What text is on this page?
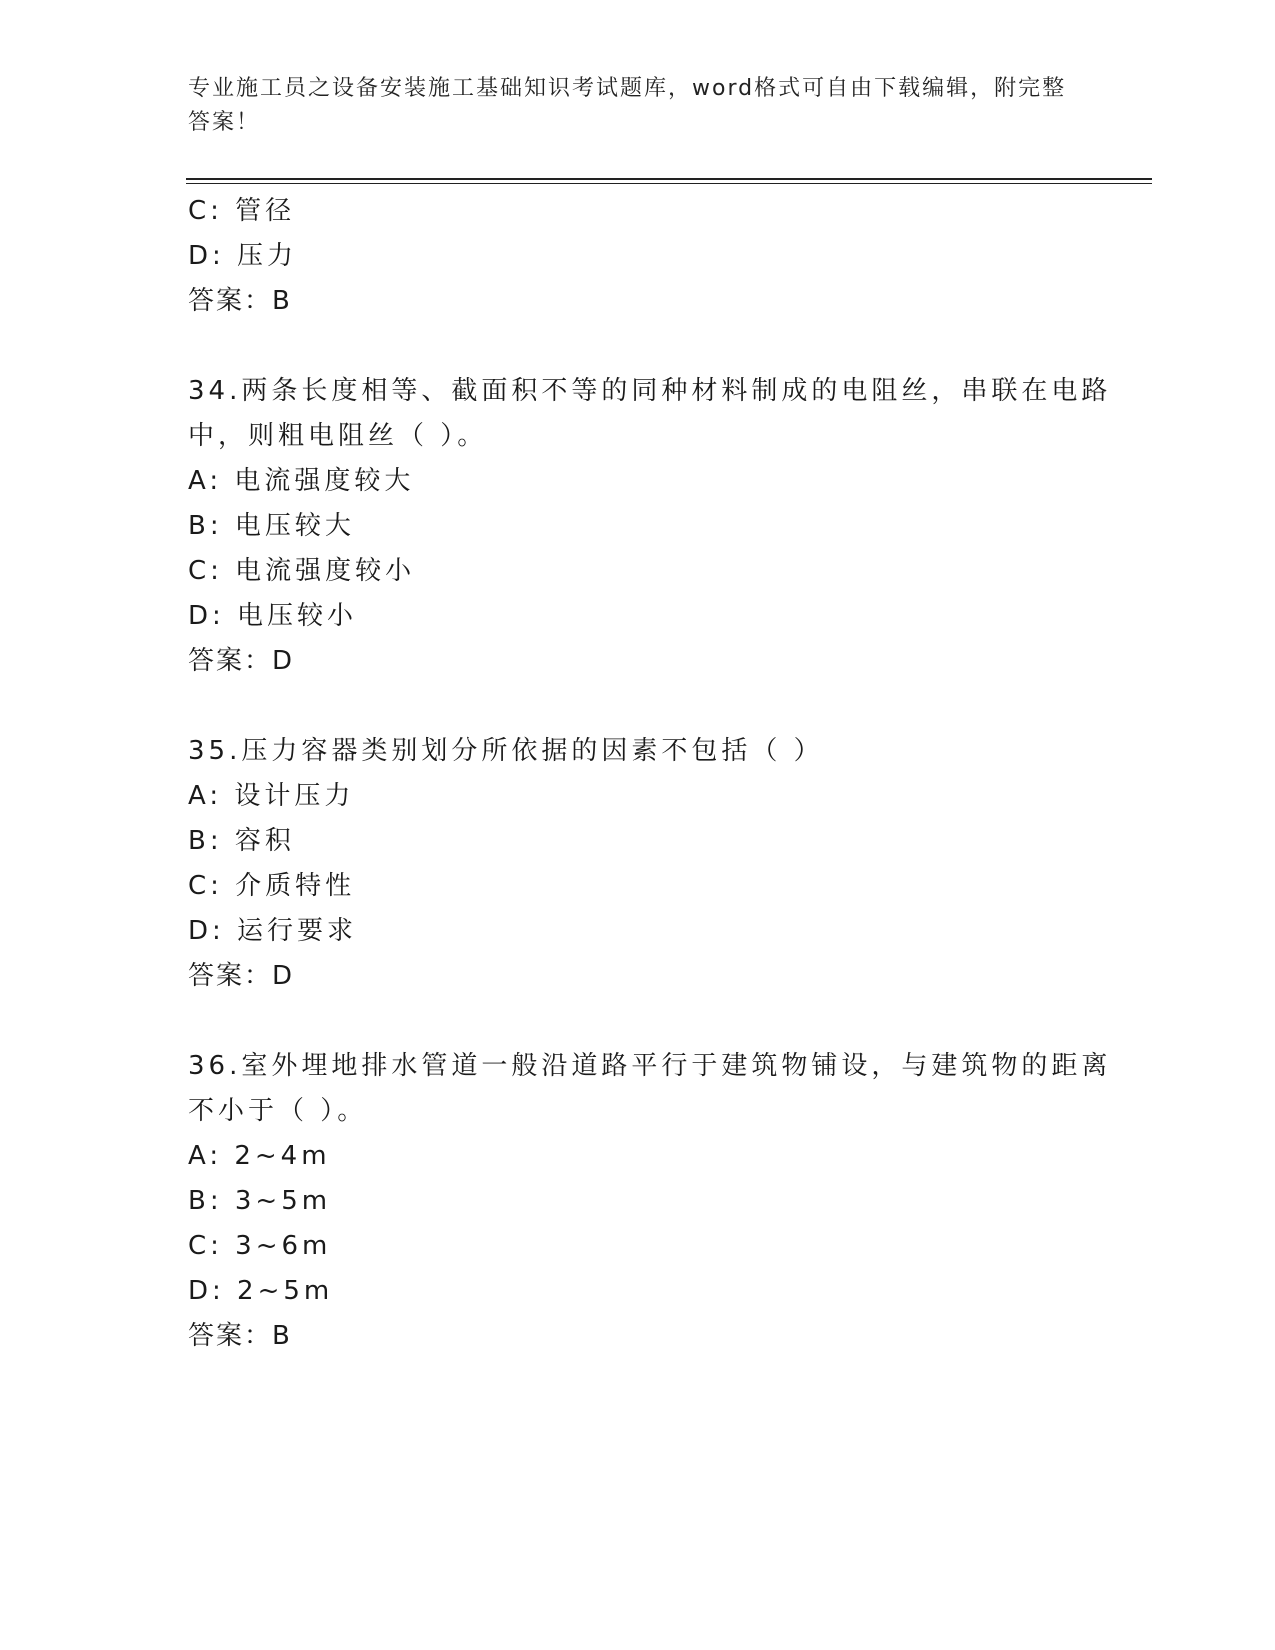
专业施工员之设备安装施工基础知识考试题库，word格式可自由下载编辑，附完整答案！
C: 管径
D: 压力
答案：B
34.两条长度相等、截面积不等的同种材料制成的电阻丝，串联在电路
中，则粗电阻丝（ ）。
A: 电流强度较大
B: 电压较大
C: 电流强度较小
D: 电压较小
答案：D
35.压力容器类别划分所依据的因素不包括（ ）
A: 设计压力
B: 容积
C: 介质特性
D: 运行要求
答案：D
36.室外埋地排水管道一般沿道路平行于建筑物铺设，与建筑物的距离
不小于（ ）。
A: 2~4m
B: 3~5m
C: 3~6m
D: 2~5m
答案：B
